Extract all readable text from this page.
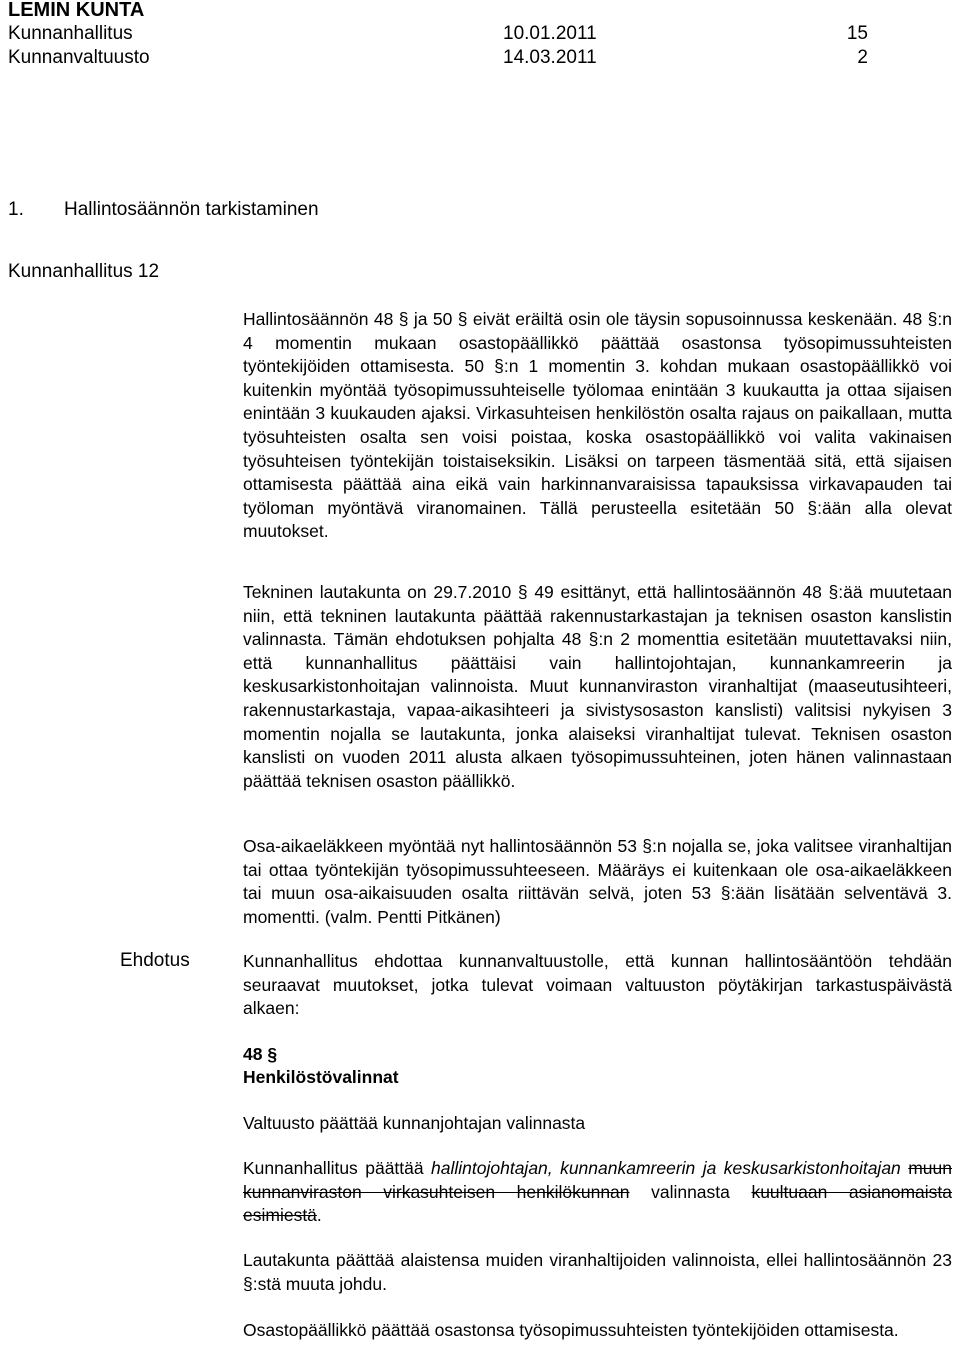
LEMIN KUNTA
Kunnanhallitus	10.01.2011	15
Kunnanvaltuusto	14.03.2011	2
1. Hallintosäännön tarkistaminen
Kunnanhallitus 12

Hallintosäännön 48 § ja 50 § eivät eräiltä osin ole täysin sopusoinnussa keskenään. 48 §:n 4 momentin mukaan osastopäällikkö päättää osastonsa työsopimussuhteisten työntekijöiden ottamisesta. 50 §:n 1 momentin 3. kohdan mukaan osastopäällikkö voi kuitenkin myöntää työsopimussuhteiselle työlomaa enintään 3 kuukautta ja ottaa sijaisen enintään 3 kuukauden ajaksi. Virkasuhteisen henkilöstön osalta rajaus on paikallaan, mutta työsuhteisten osalta sen voisi poistaa, koska osastopäällikkö voi valita vakinaisen työsuhteisen työntekijän toistaiseksikin. Lisäksi on tarpeen täsmentää sitä, että sijaisen ottamisesta päättää aina eikä vain harkinnanvaraisissa tapauksissa virkavapauden tai työloman myöntävä viranomainen. Tällä perusteella esitetään 50 §:ään alla olevat muutokset.

Tekninen lautakunta on 29.7.2010 § 49 esittänyt, että hallintosäännön 48 §:ää muutetaan niin, että tekninen lautakunta päättää rakennustarkastajan ja teknisen osaston kanslistin valinnasta. Tämän ehdotuksen pohjalta 48 §:n 2 momenttia esitetään muutettavaksi niin, että kunnanhallitus päättäisi vain hallintojohtajan, kunnankamreerin ja keskusarkistonhoitajan valinnoista. Muut kunnanviraston viranhaltijat (maaseutusihteeri, rakennustarkastaja, vapaa-aikasihteeri ja sivistysosaston kanslisti) valitsisi nykyisen 3 momentin nojalla se lautakunta, jonka alaiseksi viranhaltijat tulevat. Teknisen osaston kanslisti on vuoden 2011 alusta alkaen työsopimussuhteinen, joten hänen valinnastaan päättää teknisen osaston päällikkö.

Osa-aikaeläkkeen myöntää nyt hallintosäännön 53 §:n nojalla se, joka valitsee viranhaltijan tai ottaa työntekijän työsopimussuhteeseen. Määräys ei kuitenkaan ole osa-aikaeläkkeen tai muun osa-aikaisuuden osalta riittävän selvä, joten 53 §:ään lisätään selventävä 3. momentti. (valm. Pentti Pitkänen)

Ehdotus	Kunnanhallitus ehdottaa kunnanvaltuustolle, että kunnan hallintosääntöön tehdään seuraavat muutokset, jotka tulevat voimaan valtuuston pöytäkirjan tarkastuspäivästä alkaen:

48 §
Henkilöstövalinnat

Valtuusto päättää kunnanjohtajan valinnasta

Kunnanhallitus päättää hallintojohtajan, kunnankamreerin ja keskusarkistonhoitajan muun kunnanviraston virkasuhteisen henkilökunnan valinnasta kuultuaan asianomaista esimiestä.

Lautakunta päättää alaistensa muiden viranhaltijoiden valinnoista, ellei hallintosäännön 23 §:stä muuta johdu.

Osastopäällikkö päättää osastonsa työsopimussuhteisten työntekijöiden ottamisesta.
